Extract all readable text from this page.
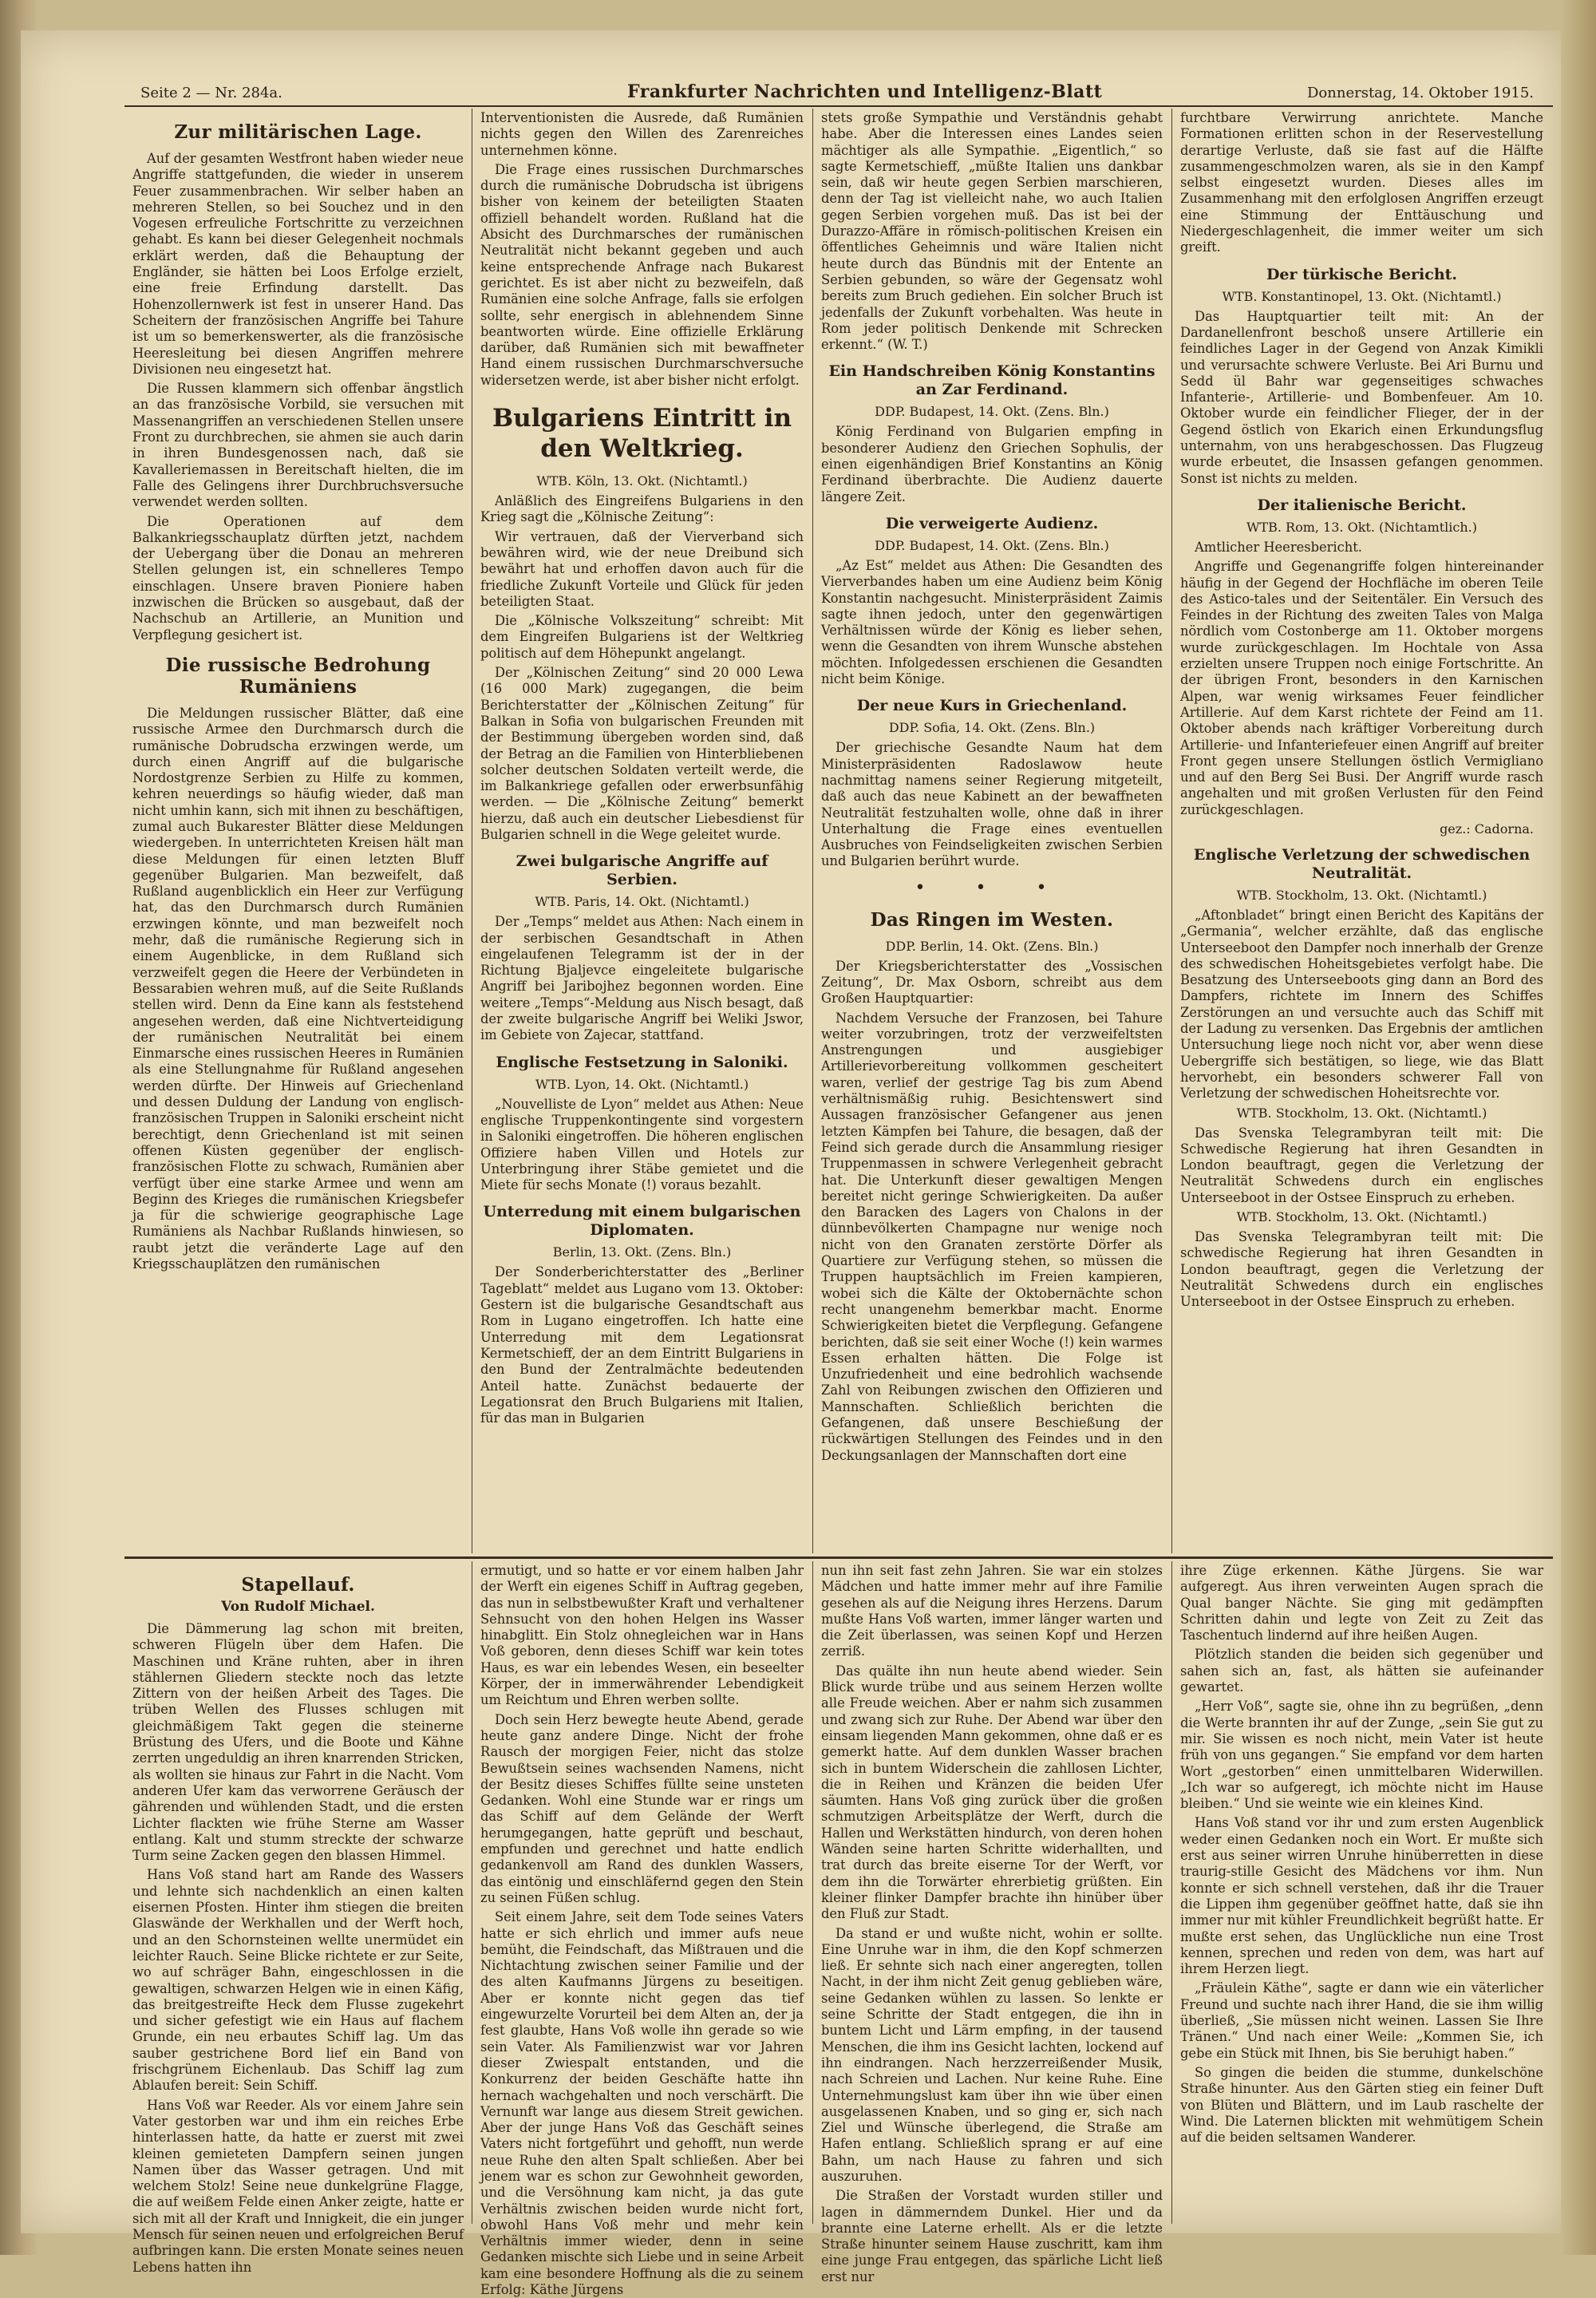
Seite 2 — Nr. 284a.	Frankfurter Nachrichten und Intelligenz-Blatt	Donnerstag, 14. Oktober 1915.
Zur militärischen Lage.

Auf der gesamten Westfront haben wieder neue Angriffe stattgefunden, die wieder in unserem Feuer zusammenbrachen. Wir selber haben an mehreren Stellen, so bei Souchez und in den Vogesen erfreuliche Fortschritte zu verzeichnen gehabt. Es kann bei dieser Gelegenheit nochmals erklärt werden, daß die Behauptung der Engländer, sie hätten bei Loos Erfolge erzielt, eine freie Erfindung darstellt. Das Hohenzollernwerk ist fest in unserer Hand. Das Scheitern der französischen Angriffe bei Tahure ist um so bemerkenswerter, als die französische Heeresleitung bei diesen Angriffen mehrere Divisionen neu eingesetzt hat.

Die Russen klammern sich offenbar ängstlich an das französische Vorbild, sie versuchen mit Massenangriffen an verschiedenen Stellen unsere Front zu durchbrechen, sie ahmen sie auch darin in ihren Bundesgenossen nach, daß sie Kavalleriemassen in Bereitschaft hielten, die im Falle des Gelingens ihrer Durchbruchsversuche verwendet werden sollten.

Die Operationen auf dem Balkankriegsschauplatz dürften jetzt, nachdem der Uebergang über die Donau an mehreren Stellen gelungen ist, ein schnelleres Tempo einschlagen. Unsere braven Pioniere haben inzwischen die Brücken so ausgebaut, daß der Nachschub an Artillerie, an Munition und Verpflegung gesichert ist.

Die russische Bedrohung Rumäniens

Die Meldungen russischer Blätter, daß eine russische Armee den Durchmarsch durch die rumänische Dobrudscha erzwingen werde, um durch einen Angriff auf die bulgarische Nordostgrenze Serbien zu Hilfe zu kommen, kehren neuerdings so häufig wieder, daß man nicht umhin kann, sich mit ihnen zu beschäftigen, zumal auch Bukarester Blätter diese Meldungen wiedergeben. In unterrichteten Kreisen hält man diese Meldungen für einen letzten Bluff gegenüber Bulgarien. Man bezweifelt, daß Rußland augenblicklich ein Heer zur Verfügung hat, das den Durchmarsch durch Rumänien erzwingen könnte, und man bezweifelt noch mehr, daß die rumänische Regierung sich in einem Augenblicke, in dem Rußland sich verzweifelt gegen die Heere der Verbündeten in Bessarabien wehren muß, auf die Seite Rußlands stellen wird. Denn da Eine kann als feststehend angesehen werden, daß eine Nichtverteidigung der rumänischen Neutralität bei einem Einmarsche eines russischen Heeres in Rumänien als eine Stellungnahme für Rußland angesehen werden dürfte. Der Hinweis auf Griechenland und dessen Duldung der Landung von englisch-französischen Truppen in Saloniki erscheint nicht berechtigt, denn Griechenland ist mit seinen offenen Küsten gegenüber der englisch-französischen Flotte zu schwach, Rumänien aber verfügt über eine starke Armee und wenn am Beginn des Krieges die rumänischen Kriegsbefer ja für die schwierige geographische Lage Rumäniens als Nachbar Rußlands hinwiesen, so raubt jetzt die veränderte Lage auf den Kriegsschauplätzen den rumänischen

Interventionisten die Ausrede, daß Rumänien nichts gegen den Willen des Zarenreiches unternehmen könne.

Die Frage eines russischen Durchmarsches durch die rumänische Dobrudscha ist übrigens bisher von keinem der beteiligten Staaten offiziell behandelt worden. Rußland hat die Absicht des Durchmarsches der rumänischen Neutralität nicht bekannt gegeben und auch keine entsprechende Anfrage nach Bukarest gerichtet. Es ist aber nicht zu bezweifeln, daß Rumänien eine solche Anfrage, falls sie erfolgen sollte, sehr energisch in ablehnendem Sinne beantworten würde. Eine offizielle Erklärung darüber, daß Rumänien sich mit bewaffneter Hand einem russischen Durchmarschversuche widersetzen werde, ist aber bisher nicht erfolgt.

Bulgariens Eintritt in den Weltkrieg.
WTB. Köln, 13. Okt. (Nichtamtl.)

Anläßlich des Eingreifens Bulgariens in den Krieg sagt die „Kölnische Zeitung“:

Wir vertrauen, daß der Vierverband sich bewähren wird, wie der neue Dreibund sich bewährt hat und erhoffen davon auch für die friedliche Zukunft Vorteile und Glück für jeden beteiligten Staat.

Die „Kölnische Volkszeitung“ schreibt: Mit dem Eingreifen Bulgariens ist der Weltkrieg politisch auf dem Höhepunkt angelangt.

Der „Kölnischen Zeitung“ sind 20 000 Lewa (16 000 Mark) zugegangen, die beim Berichterstatter der „Kölnischen Zeitung“ für Balkan in Sofia von bulgarischen Freunden mit der Bestimmung übergeben worden sind, daß der Betrag an die Familien von Hinterbliebenen solcher deutschen Soldaten verteilt werde, die im Balkankriege gefallen oder erwerbsunfähig werden. — Die „Kölnische Zeitung“ bemerkt hierzu, daß auch ein deutscher Liebesdienst für Bulgarien schnell in die Wege geleitet wurde.

Zwei bulgarische Angriffe auf Serbien.
WTB. Paris, 14. Okt. (Nichtamtl.)

Der „Temps“ meldet aus Athen: Nach einem in der serbischen Gesandtschaft in Athen eingelaufenen Telegramm ist der in der Richtung Bjaljevce eingeleitete bulgarische Angriff bei Jaribojhez begonnen worden. Eine weitere „Temps“-Meldung aus Nisch besagt, daß der zweite bulgarische Angriff bei Weliki Jswor, im Gebiete von Zajecar, stattfand.

Englische Festsetzung in Saloniki.
WTB. Lyon, 14. Okt. (Nichtamtl.)

„Nouvelliste de Lyon“ meldet aus Athen: Neue englische Truppenkontingente sind vorgestern in Saloniki eingetroffen. Die höheren englischen Offiziere haben Villen und Hotels zur Unterbringung ihrer Stäbe gemietet und die Miete für sechs Monate (!) voraus bezahlt.

Unterredung mit einem bulgarischen Diplomaten.
Berlin, 13. Okt. (Zens. Bln.)

Der Sonderberichterstatter des „Berliner Tageblatt“ meldet aus Lugano vom 13. Oktober: Gestern ist die bulgarische Gesandtschaft aus Rom in Lugano eingetroffen. Ich hatte eine Unterredung mit dem Legationsrat Kermetschieff, der an dem Eintritt Bulgariens in den Bund der Zentralmächte bedeutenden Anteil hatte. Zunächst bedauerte der Legationsrat den Bruch Bulgariens mit Italien, für das man in Bulgarien

stets große Sympathie und Verständnis gehabt habe. Aber die Interessen eines Landes seien mächtiger als alle Sympathie. „Eigentlich,“ so sagte Kermetschieff, „müßte Italien uns dankbar sein, daß wir heute gegen Serbien marschieren, denn der Tag ist vielleicht nahe, wo auch Italien gegen Serbien vorgehen muß. Das ist bei der Durazzo-Affäre in römisch-politischen Kreisen ein öffentliches Geheimnis und wäre Italien nicht heute durch das Bündnis mit der Entente an Serbien gebunden, so wäre der Gegensatz wohl bereits zum Bruch gediehen. Ein solcher Bruch ist jedenfalls der Zukunft vorbehalten. Was heute in Rom jeder politisch Denkende mit Schrecken erkennt.“ (W. T.)

Ein Handschreiben König Konstantins an Zar Ferdinand.
DDP. Budapest, 14. Okt. (Zens. Bln.)

König Ferdinand von Bulgarien empfing in besonderer Audienz den Griechen Sophulis, der einen eigenhändigen Brief Konstantins an König Ferdinand überbrachte. Die Audienz dauerte längere Zeit.

Die verweigerte Audienz.
DDP. Budapest, 14. Okt. (Zens. Bln.)

„Az Est“ meldet aus Athen: Die Gesandten des Vierverbandes haben um eine Audienz beim König Konstantin nachgesucht. Ministerpräsident Zaimis sagte ihnen jedoch, unter den gegenwärtigen Verhältnissen würde der König es lieber sehen, wenn die Gesandten von ihrem Wunsche abstehen möchten. Infolgedessen erschienen die Gesandten nicht beim Könige.

Der neue Kurs in Griechenland.
DDP. Sofia, 14. Okt. (Zens. Bln.)

Der griechische Gesandte Naum hat dem Ministerpräsidenten Radoslawow heute nachmittag namens seiner Regierung mitgeteilt, daß auch das neue Kabinett an der bewaffneten Neutralität festzuhalten wolle, ohne daß in ihrer Unterhaltung die Frage eines eventuellen Ausbruches von Feindseligkeiten zwischen Serbien und Bulgarien berührt wurde.

• • •
Das Ringen im Westen.
DDP. Berlin, 14. Okt. (Zens. Bln.)

Der Kriegsberichterstatter des „Vossischen Zeitung“, Dr. Max Osborn, schreibt aus dem Großen Hauptquartier:

Nachdem Versuche der Franzosen, bei Tahure weiter vorzubringen, trotz der verzweifeltsten Anstrengungen und ausgiebiger Artillerievorbereitung vollkommen gescheitert waren, verlief der gestrige Tag bis zum Abend verhältnismäßig ruhig. Besichtenswert sind Aussagen französischer Gefangener aus jenen letzten Kämpfen bei Tahure, die besagen, daß der Feind sich gerade durch die Ansammlung riesiger Truppenmassen in schwere Verlegenheit gebracht hat. Die Unterkunft dieser gewaltigen Mengen bereitet nicht geringe Schwierigkeiten. Da außer den Baracken des Lagers von Chalons in der dünnbevölkerten Champagne nur wenige noch nicht von den Granaten zerstörte Dörfer als Quartiere zur Verfügung stehen, so müssen die Truppen hauptsächlich im Freien kampieren, wobei sich die Kälte der Oktobernächte schon recht unangenehm bemerkbar macht. Enorme Schwierigkeiten bietet die Verpflegung. Gefangene berichten, daß sie seit einer Woche (!) kein warmes Essen erhalten hätten. Die Folge ist Unzufriedenheit und eine bedrohlich wachsende Zahl von Reibungen zwischen den Offizieren und Mannschaften. Schließlich berichten die Gefangenen, daß unsere Beschießung der rückwärtigen Stellungen des Feindes und in den Deckungsanlagen der Mannschaften dort eine

furchtbare Verwirrung anrichtete. Manche Formationen erlitten schon in der Reservestellung derartige Verluste, daß sie fast auf die Hälfte zusammengeschmolzen waren, als sie in den Kampf selbst eingesetzt wurden. Dieses alles im Zusammenhang mit den erfolglosen Angriffen erzeugt eine Stimmung der Enttäuschung und Niedergeschlagenheit, die immer weiter um sich greift.

Der türkische Bericht.
WTB. Konstantinopel, 13. Okt. (Nichtamtl.)

Das Hauptquartier teilt mit: An der Dardanellenfront beschoß unsere Artillerie ein feindliches Lager in der Gegend von Anzak Kimikli und verursachte schwere Verluste. Bei Ari Burnu und Sedd ül Bahr war gegenseitiges schwaches Infanterie-, Artillerie- und Bombenfeuer. Am 10. Oktober wurde ein feindlicher Flieger, der in der Gegend östlich von Ekarich einen Erkundungsflug unternahm, von uns herabgeschossen. Das Flugzeug wurde erbeutet, die Insassen gefangen genommen. Sonst ist nichts zu melden.

Der italienische Bericht.
WTB. Rom, 13. Okt. (Nichtamtlich.)

Amtlicher Heeresbericht.

Angriffe und Gegenangriffe folgen hintereinander häufig in der Gegend der Hochfläche im oberen Teile des Astico-tales und der Seitentäler. Ein Versuch des Feindes in der Richtung des zweiten Tales von Malga nördlich vom Costonberge am 11. Oktober morgens wurde zurückgeschlagen. Im Hochtale von Assa erzielten unsere Truppen noch einige Fortschritte. An der übrigen Front, besonders in den Karnischen Alpen, war wenig wirksames Feuer feindlicher Artillerie. Auf dem Karst richtete der Feind am 11. Oktober abends nach kräftiger Vorbereitung durch Artillerie- und Infanteriefeuer einen Angriff auf breiter Front gegen unsere Stellungen östlich Vermigliano und auf den Berg Sei Busi. Der Angriff wurde rasch angehalten und mit großen Verlusten für den Feind zurückgeschlagen.

gez.: Cadorna.
Englische Verletzung der schwedischen Neutralität.
WTB. Stockholm, 13. Okt. (Nichtamtl.)

„Aftonbladet“ bringt einen Bericht des Kapitäns der „Germania“, welcher erzählte, daß das englische Unterseeboot den Dampfer noch innerhalb der Grenze des schwedischen Hoheitsgebietes verfolgt habe. Die Besatzung des Unterseeboots ging dann an Bord des Dampfers, richtete im Innern des Schiffes Zerstörungen an und versuchte auch das Schiff mit der Ladung zu versenken. Das Ergebnis der amtlichen Untersuchung liege noch nicht vor, aber wenn diese Uebergriffe sich bestätigen, so liege, wie das Blatt hervorhebt, ein besonders schwerer Fall von Verletzung der schwedischen Hoheitsrechte vor.

WTB. Stockholm, 13. Okt. (Nichtamtl.)

Das Svenska Telegrambyran teilt mit: Die Schwedische Regierung hat ihren Gesandten in London beauftragt, gegen die Verletzung der Neutralität Schwedens durch ein englisches Unterseeboot in der Ostsee Einspruch zu erheben.

WTB. Stockholm, 13. Okt. (Nichtamtl.)

Das Svenska Telegrambyran teilt mit: Die schwedische Regierung hat ihren Gesandten in London beauftragt, gegen die Verletzung der Neutralität Schwedens durch ein englisches Unterseeboot in der Ostsee Einspruch zu erheben.

Stapellauf.
Von Rudolf Michael.

Die Dämmerung lag schon mit breiten, schweren Flügeln über dem Hafen. Die Maschinen und Kräne ruhten, aber in ihren stählernen Gliedern steckte noch das letzte Zittern von der heißen Arbeit des Tages. Die trüben Wellen des Flusses schlugen mit gleichmäßigem Takt gegen die steinerne Brüstung des Ufers, und die Boote und Kähne zerrten ungeduldig an ihren knarrenden Stricken, als wollten sie hinaus zur Fahrt in die Nacht. Vom anderen Ufer kam das verworrene Geräusch der gährenden und wühlenden Stadt, und die ersten Lichter flackten wie frühe Sterne am Wasser entlang. Kalt und stumm streckte der schwarze Turm seine Zacken gegen den blassen Himmel.

Hans Voß stand hart am Rande des Wassers und lehnte sich nachdenklich an einen kalten eisernen Pfosten. Hinter ihm stiegen die breiten Glaswände der Werkhallen und der Werft hoch, und an den Schornsteinen wellte unermüdet ein leichter Rauch. Seine Blicke richtete er zur Seite, wo auf schräger Bahn, eingeschlossen in die gewaltigen, schwarzen Helgen wie in einen Käfig, das breitgestreifte Heck dem Flusse zugekehrt und sicher gefestigt wie ein Haus auf flachem Grunde, ein neu erbautes Schiff lag. Um das sauber gestrichene Bord lief ein Band von frischgrünem Eichenlaub. Das Schiff lag zum Ablaufen bereit: Sein Schiff.

Hans Voß war Reeder. Als vor einem Jahre sein Vater gestorben war und ihm ein reiches Erbe hinterlassen hatte, da hatte er zuerst mit zwei kleinen gemieteten Dampfern seinen jungen Namen über das Wasser getragen. Und mit welchem Stolz! Seine neue dunkelgrüne Flagge, die auf weißem Felde einen Anker zeigte, hatte er sich mit all der Kraft und Innigkeit, die ein junger Mensch für seinen neuen und erfolgreichen Beruf aufbringen kann. Die ersten Monate seines neuen Lebens hatten ihn

ermutigt, und so hatte er vor einem halben Jahr der Werft ein eigenes Schiff in Auftrag gegeben, das nun in selbstbewußter Kraft und verhaltener Sehnsucht von den hohen Helgen ins Wasser hinabglitt. Ein Stolz ohnegleichen war in Hans Voß geboren, denn dieses Schiff war kein totes Haus, es war ein lebendes Wesen, ein beseelter Körper, der in immerwährender Lebendigkeit um Reichtum und Ehren werben sollte.

Doch sein Herz bewegte heute Abend, gerade heute ganz andere Dinge. Nicht der frohe Rausch der morgigen Feier, nicht das stolze Bewußtsein seines wachsenden Namens, nicht der Besitz dieses Schiffes füllte seine unsteten Gedanken. Wohl eine Stunde war er rings um das Schiff auf dem Gelände der Werft herumgegangen, hatte geprüft und beschaut, empfunden und gerechnet und hatte endlich gedankenvoll am Rand des dunklen Wassers, das eintönig und einschläfernd gegen den Stein zu seinen Füßen schlug.

Seit einem Jahre, seit dem Tode seines Vaters hatte er sich ehrlich und immer aufs neue bemüht, die Feindschaft, das Mißtrauen und die Nichtachtung zwischen seiner Familie und der des alten Kaufmanns Jürgens zu beseitigen. Aber er konnte nicht gegen das tief eingewurzelte Vorurteil bei dem Alten an, der ja fest glaubte, Hans Voß wolle ihn gerade so wie sein Vater. Als Familienzwist war vor Jahren dieser Zwiespalt entstanden, und die Konkurrenz der beiden Geschäfte hatte ihn hernach wachgehalten und noch verschärft. Die Vernunft war lange aus diesem Streit gewichen. Aber der junge Hans Voß das Geschäft seines Vaters nicht fortgeführt und gehofft, nun werde neue Ruhe den alten Spalt schließen. Aber bei jenem war es schon zur Gewohnheit geworden, und die Versöhnung kam nicht, ja das gute Verhältnis zwischen beiden wurde nicht fort, obwohl Hans Voß mehr und mehr kein Verhältnis immer wieder, denn in seine Gedanken mischte sich Liebe und in seine Arbeit kam eine besondere Hoffnung als die zu seinem Erfolg: Käthe Jürgens

nun ihn seit fast zehn Jahren. Sie war ein stolzes Mädchen und hatte immer mehr auf ihre Familie gesehen als auf die Neigung ihres Herzens. Darum mußte Hans Voß warten, immer länger warten und die Zeit überlassen, was seinen Kopf und Herzen zerriß.

Das quälte ihn nun heute abend wieder. Sein Blick wurde trübe und aus seinem Herzen wollte alle Freude weichen. Aber er nahm sich zusammen und zwang sich zur Ruhe. Der Abend war über den einsam liegenden Mann gekommen, ohne daß er es gemerkt hatte. Auf dem dunklen Wasser brachen sich in buntem Widerschein die zahllosen Lichter, die in Reihen und Kränzen die beiden Ufer säumten. Hans Voß ging zurück über die großen schmutzigen Arbeitsplätze der Werft, durch die Hallen und Werkstätten hindurch, von deren hohen Wänden seine harten Schritte widerhallten, und trat durch das breite eiserne Tor der Werft, vor dem ihn die Torwärter ehrerbietig grüßten. Ein kleiner flinker Dampfer brachte ihn hinüber über den Fluß zur Stadt.

Da stand er und wußte nicht, wohin er sollte. Eine Unruhe war in ihm, die den Kopf schmerzen ließ. Er sehnte sich nach einer angeregten, tollen Nacht, in der ihm nicht Zeit genug geblieben wäre, seine Gedanken wühlen zu lassen. So lenkte er seine Schritte der Stadt entgegen, die ihn in buntem Licht und Lärm empfing, in der tausend Menschen, die ihm ins Gesicht lachten, lockend auf ihn eindrangen. Nach herzzerreißender Musik, nach Schreien und Lachen. Nur keine Ruhe. Eine Unternehmungslust kam über ihn wie über einen ausgelassenen Knaben, und so ging er, sich nach Ziel und Wünsche überlegend, die Straße am Hafen entlang. Schließlich sprang er auf eine Bahn, um nach Hause zu fahren und sich auszuruhen.

Die Straßen der Vorstadt wurden stiller und lagen in dämmerndem Dunkel. Hier und da brannte eine Laterne erhellt. Als er die letzte Straße hinunter seinem Hause zuschritt, kam ihm eine junge Frau entgegen, das spärliche Licht ließ erst nur

ihre Züge erkennen. Käthe Jürgens. Sie war aufgeregt. Aus ihren verweinten Augen sprach die Qual banger Nächte. Sie ging mit gedämpften Schritten dahin und legte von Zeit zu Zeit das Taschentuch lindernd auf ihre heißen Augen.

Plötzlich standen die beiden sich gegenüber und sahen sich an, fast, als hätten sie aufeinander gewartet.

„Herr Voß“, sagte sie, ohne ihn zu begrüßen, „denn die Werte brannten ihr auf der Zunge, „sein Sie gut zu mir. Sie wissen es noch nicht, mein Vater ist heute früh von uns gegangen.“ Sie empfand vor dem harten Wort „gestorben“ einen unmittelbaren Widerwillen. „Ich war so aufgeregt, ich möchte nicht im Hause bleiben.“ Und sie weinte wie ein kleines Kind.

Hans Voß stand vor ihr und zum ersten Augenblick weder einen Gedanken noch ein Wort. Er mußte sich erst aus seiner wirren Unruhe hinüberretten in diese traurig-stille Gesicht des Mädchens vor ihm. Nun konnte er sich schnell verstehen, daß ihr die Trauer die Lippen ihm gegenüber geöffnet hatte, daß sie ihn immer nur mit kühler Freundlichkeit begrüßt hatte. Er mußte erst sehen, das Unglückliche nun eine Trost kennen, sprechen und reden von dem, was hart auf ihrem Herzen liegt.

„Fräulein Käthe“, sagte er dann wie ein väterlicher Freund und suchte nach ihrer Hand, die sie ihm willig überließ, „Sie müssen nicht weinen. Lassen Sie Ihre Tränen.“ Und nach einer Weile: „Kommen Sie, ich gebe ein Stück mit Ihnen, bis Sie beruhigt haben.“

So gingen die beiden die stumme, dunkelschöne Straße hinunter. Aus den Gärten stieg ein feiner Duft von Blüten und Blättern, und im Laub raschelte der Wind. Die Laternen blickten mit wehmütigem Schein auf die beiden seltsamen Wanderer.
